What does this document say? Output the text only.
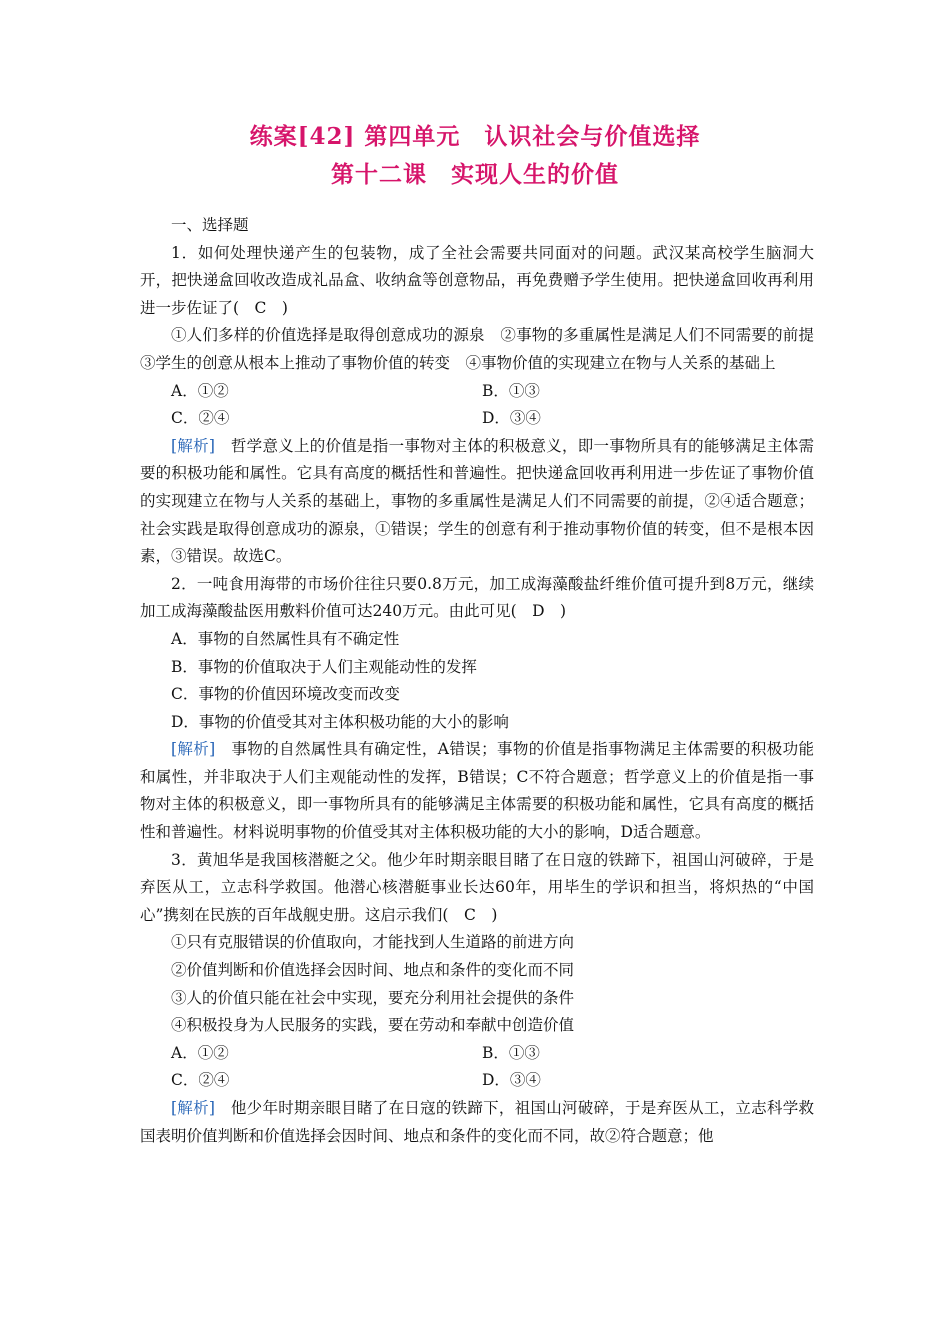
练案[42] 第四单元　认识社会与价值选择
第十二课　实现人生的价值

一、选择题

1．如何处理快递产生的包装物，成了全社会需要共同面对的问题。武汉某高校学生脑洞大开，把快递盒回收改造成礼品盒、收纳盒等创意物品，再免费赠予学生使用。把快递盒回收再利用进一步佐证了(　C　)

①人们多样的价值选择是取得创意成功的源泉　②事物的多重属性是满足人们不同需要的前提　③学生的创意从根本上推动了事物价值的转变　④事物价值的实现建立在物与人关系的基础上

A．①②	B．①③
C．②④	D．③④

[解析]　 哲学意义上的价值是指一事物对主体的积极意义，即一事物所具有的能够满足主体需要的积极功能和属性。它具有高度的概括性和普遍性。把快递盒回收再利用进一步佐证了事物价值的实现建立在物与人关系的基础上，事物的多重属性是满足人们不同需要的前提，②④适合题意；社会实践是取得创意成功的源泉，①错误；学生的创意有利于推动事物价值的转变，但不是根本因素，③错误。故选C。

2．一吨食用海带的市场价往往只要0.8万元，加工成海藻酸盐纤维价值可提升到8万元，继续加工成海藻酸盐医用敷料价值可达240万元。由此可见(　D　)

A．事物的自然属性具有不确定性

B．事物的价值取决于人们主观能动性的发挥

C．事物的价值因环境改变而改变

D．事物的价值受其对主体积极功能的大小的影响

[解析]　 事物的自然属性具有确定性，A错误；事物的价值是指事物满足主体需要的积极功能和属性，并非取决于人们主观能动性的发挥，B错误；C不符合题意；哲学意义上的价值是指一事物对主体的积极意义，即一事物所具有的能够满足主体需要的积极功能和属性，它具有高度的概括性和普遍性。材料说明事物的价值受其对主体积极功能的大小的影响，D适合题意。

3．黄旭华是我国核潜艇之父。他少年时期亲眼目睹了在日寇的铁蹄下，祖国山河破碎，于是弃医从工，立志科学救国。他潜心核潜艇事业长达60年，用毕生的学识和担当，将炽热的“中国心”携刻在民族的百年战舰史册。这启示我们(　C　)

①只有克服错误的价值取向，才能找到人生道路的前进方向

②价值判断和价值选择会因时间、地点和条件的变化而不同

③人的价值只能在社会中实现，要充分利用社会提供的条件

④积极投身为人民服务的实践，要在劳动和奉献中创造价值

A．①②	B．①③
C．②④	D．③④

[解析]　 他少年时期亲眼目睹了在日寇的铁蹄下，祖国山河破碎，于是弃医从工，立志科学救国表明价值判断和价值选择会因时间、地点和条件的变化而不同，故②符合题意；他
